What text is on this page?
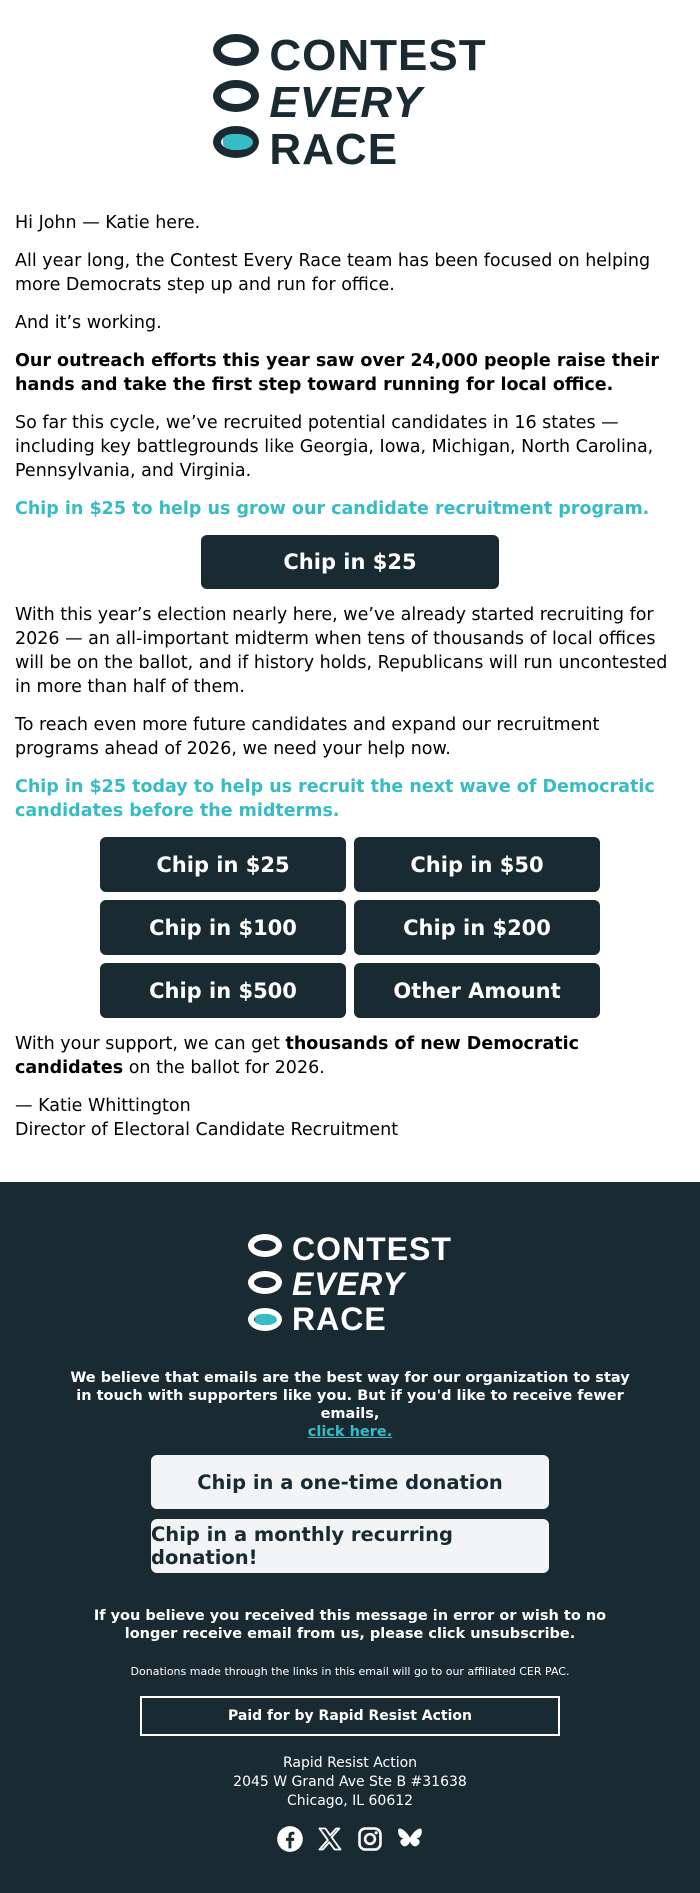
CONTEST
EVERY
RACE

Hi John — Katie here.

All year long, the Contest Every Race team has been focused on helping more Democrats step up and run for office.

And it’s working.

Our outreach efforts this year saw over 24,000 people raise their hands and take the first step toward running for local office.

So far this cycle, we’ve recruited potential candidates in 16 states — including key battlegrounds like Georgia, Iowa, Michigan, North Carolina, Pennsylvania, and Virginia.

Chip in $25 to help us grow our candidate recruitment program.

Chip in $25

With this year’s election nearly here, we’ve already started recruiting for 2026 — an all-important midterm when tens of thousands of local offices will be on the ballot, and if history holds, Republicans will run uncontested in more than half of them.

To reach even more future candidates and expand our recruitment programs ahead of 2026, we need your help now.

Chip in $25 today to help us recruit the next wave of Democratic candidates before the midterms.

Chip in $25	Chip in $50
Chip in $100	Chip in $200
Chip in $500	Other Amount

With your support, we can get thousands of new Democratic candidates on the ballot for 2026.

— Katie Whittington
Director of Electoral Candidate Recruitment

CONTEST
EVERY
RACE
We believe that emails are the best way for our organization to stay in touch with supporters like you. But if you'd like to receive fewer emails,
click here.
Chip in a one-time donation
Chip in a monthly recurring donation!
If you believe you received this message in error or wish to no longer receive email from us, please click unsubscribe.
Donations made through the links in this email will go to our affiliated CER PAC.
Paid for by Rapid Resist Action
Rapid Resist Action
2045 W Grand Ave Ste B #31638
Chicago, IL 60612
